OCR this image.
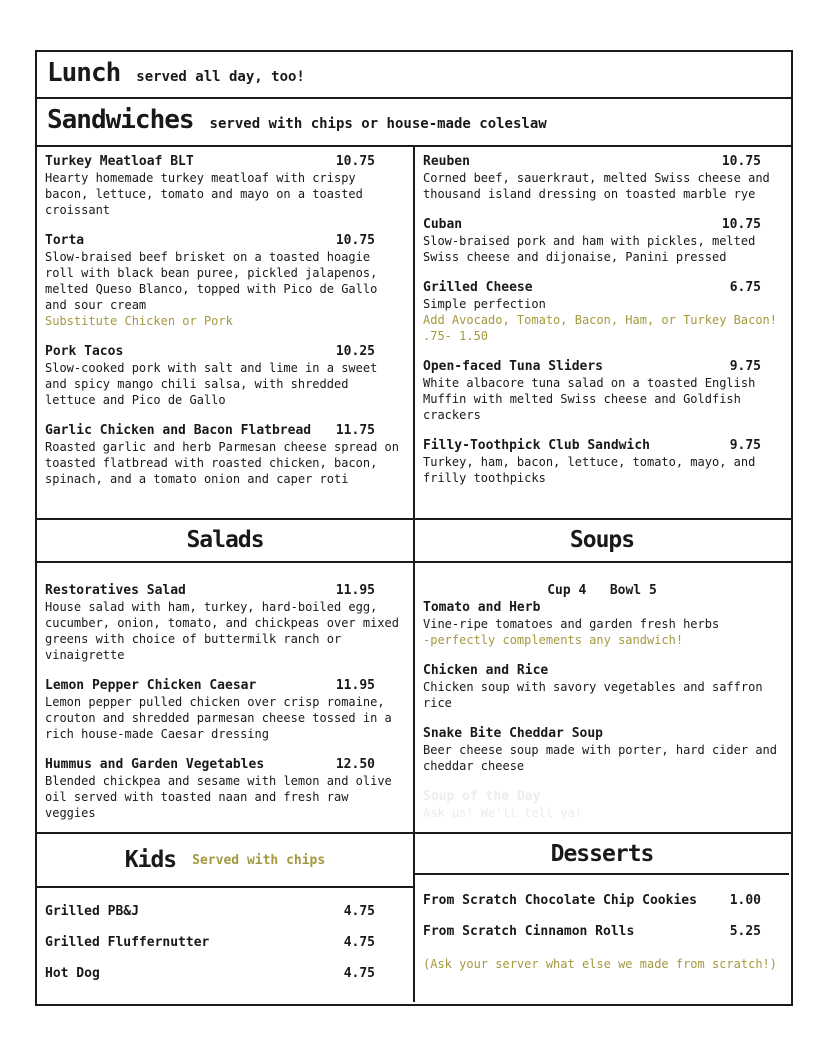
Lunch served all day, too!
Sandwiches served with chips or house-made coleslaw
Turkey Meatloaf BLT	10.75
Hearty homemade turkey meatloaf with crispy bacon, lettuce, tomato and mayo on a toasted croissant
Torta	10.75
Slow-braised beef brisket on a toasted hoagie roll with black bean puree, pickled jalapenos, melted Queso Blanco, topped with Pico de Gallo and sour cream
Substitute Chicken or Pork
Pork Tacos	10.25
Slow-cooked pork with salt and lime in a sweet and spicy mango chili salsa, with shredded lettuce and Pico de Gallo
Garlic Chicken and Bacon Flatbread 11.75
Roasted garlic and herb Parmesan cheese spread on toasted flatbread with roasted chicken, bacon, spinach, and a tomato onion and caper roti
Reuben	10.75
Corned beef, sauerkraut, melted Swiss cheese and thousand island dressing on toasted marble rye
Cuban	10.75
Slow-braised pork and ham with pickles, melted Swiss cheese and dijonaise, Panini pressed
Grilled Cheese	6.75
Simple perfection
Add Avocado, Tomato, Bacon, Ham, or Turkey Bacon! .75- 1.50
Open-faced Tuna Sliders	9.75
White albacore tuna salad on a toasted English Muffin with melted Swiss cheese and Goldfish crackers
Filly-Toothpick Club Sandwich	9.75
Turkey, ham, bacon, lettuce, tomato, mayo, and frilly toothpicks
Salads	Soups
Restoratives Salad	11.95
House salad with ham, turkey, hard-boiled egg, cucumber, onion, tomato, and chickpeas over mixed greens with choice of buttermilk ranch or vinaigrette
Lemon Pepper Chicken Caesar	11.95
Lemon pepper pulled chicken over crisp romaine, crouton and shredded parmesan cheese tossed in a rich house-made Caesar dressing
Hummus and Garden Vegetables	12.50
Blended chickpea and sesame with lemon and olive oil served with toasted naan and fresh raw veggies
Cup 4   Bowl 5
Tomato and Herb
Vine-ripe tomatoes and garden fresh herbs
-perfectly complements any sandwich!
Chicken and Rice
Chicken soup with savory vegetables and saffron rice
Snake Bite Cheddar Soup
Beer cheese soup made with porter, hard cider and cheddar cheese
Soup of the Day
Ask us! We'll tell ya!
Kids Served with chips
Grilled PB&J	4.75
Grilled Fluffernutter	4.75
Hot Dog	4.75
Desserts
From Scratch Chocolate Chip Cookies	1.00
From Scratch Cinnamon Rolls	5.25
(Ask your server what else we made from scratch!)
